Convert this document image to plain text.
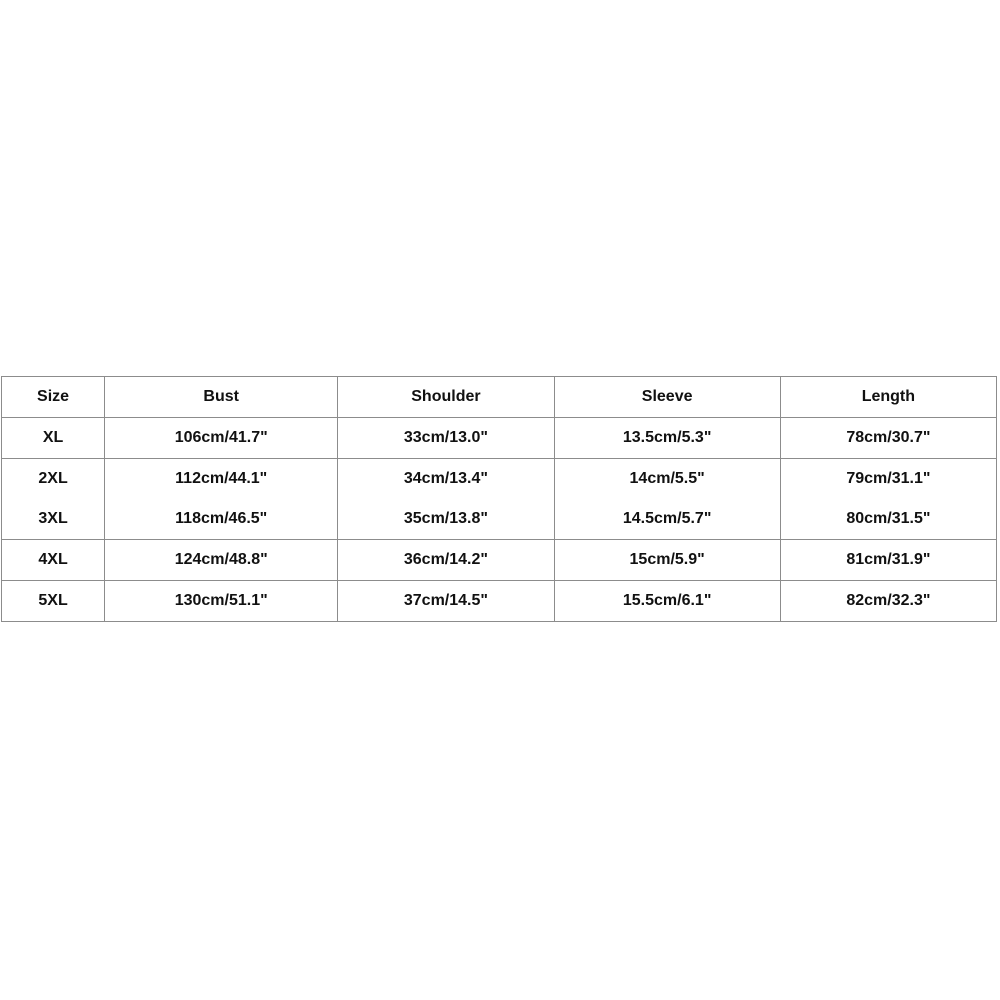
Size	Bust	Shoulder	Sleeve	Length
XL	106cm/41.7"	33cm/13.0"	13.5cm/5.3"	78cm/30.7"
2XL	112cm/44.1"	34cm/13.4"	14cm/5.5"	79cm/31.1"
3XL	118cm/46.5"	35cm/13.8"	14.5cm/5.7"	80cm/31.5"
4XL	124cm/48.8"	36cm/14.2"	15cm/5.9"	81cm/31.9"
5XL	130cm/51.1"	37cm/14.5"	15.5cm/6.1"	82cm/32.3"
